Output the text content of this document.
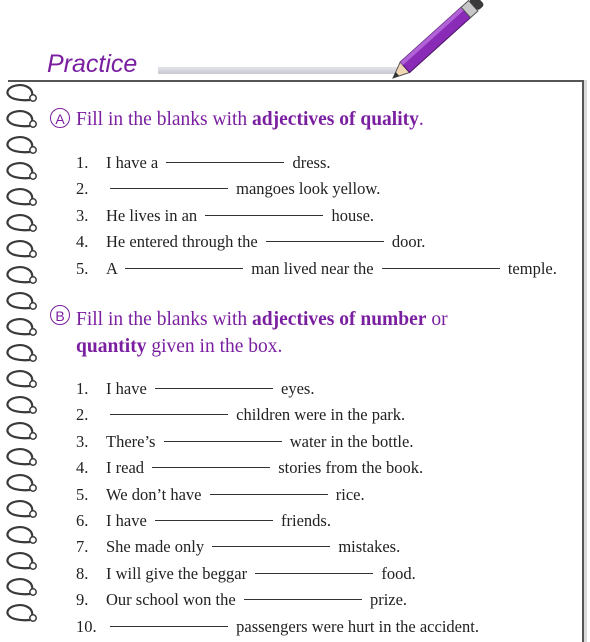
Practice
A Fill in the blanks with adjectives of quality.
1.	I have a	dress.
2.	mangoes look yellow.
3.	He lives in an	house.
4.	He entered through the	door.
5.	A	man lived near the	temple.
B Fill in the blanks with adjectives of number or
quantity given in the box.
1.	I have	eyes.
2.	children were in the park.
3.	There’s	water in the bottle.
4.	I read	stories from the book.
5.	We don’t have	rice.
6.	I have	friends.
7.	She made only	mistakes.
8.	I will give the beggar	food.
9.	Our school won the	prize.
10.	passengers were hurt in the accident.
